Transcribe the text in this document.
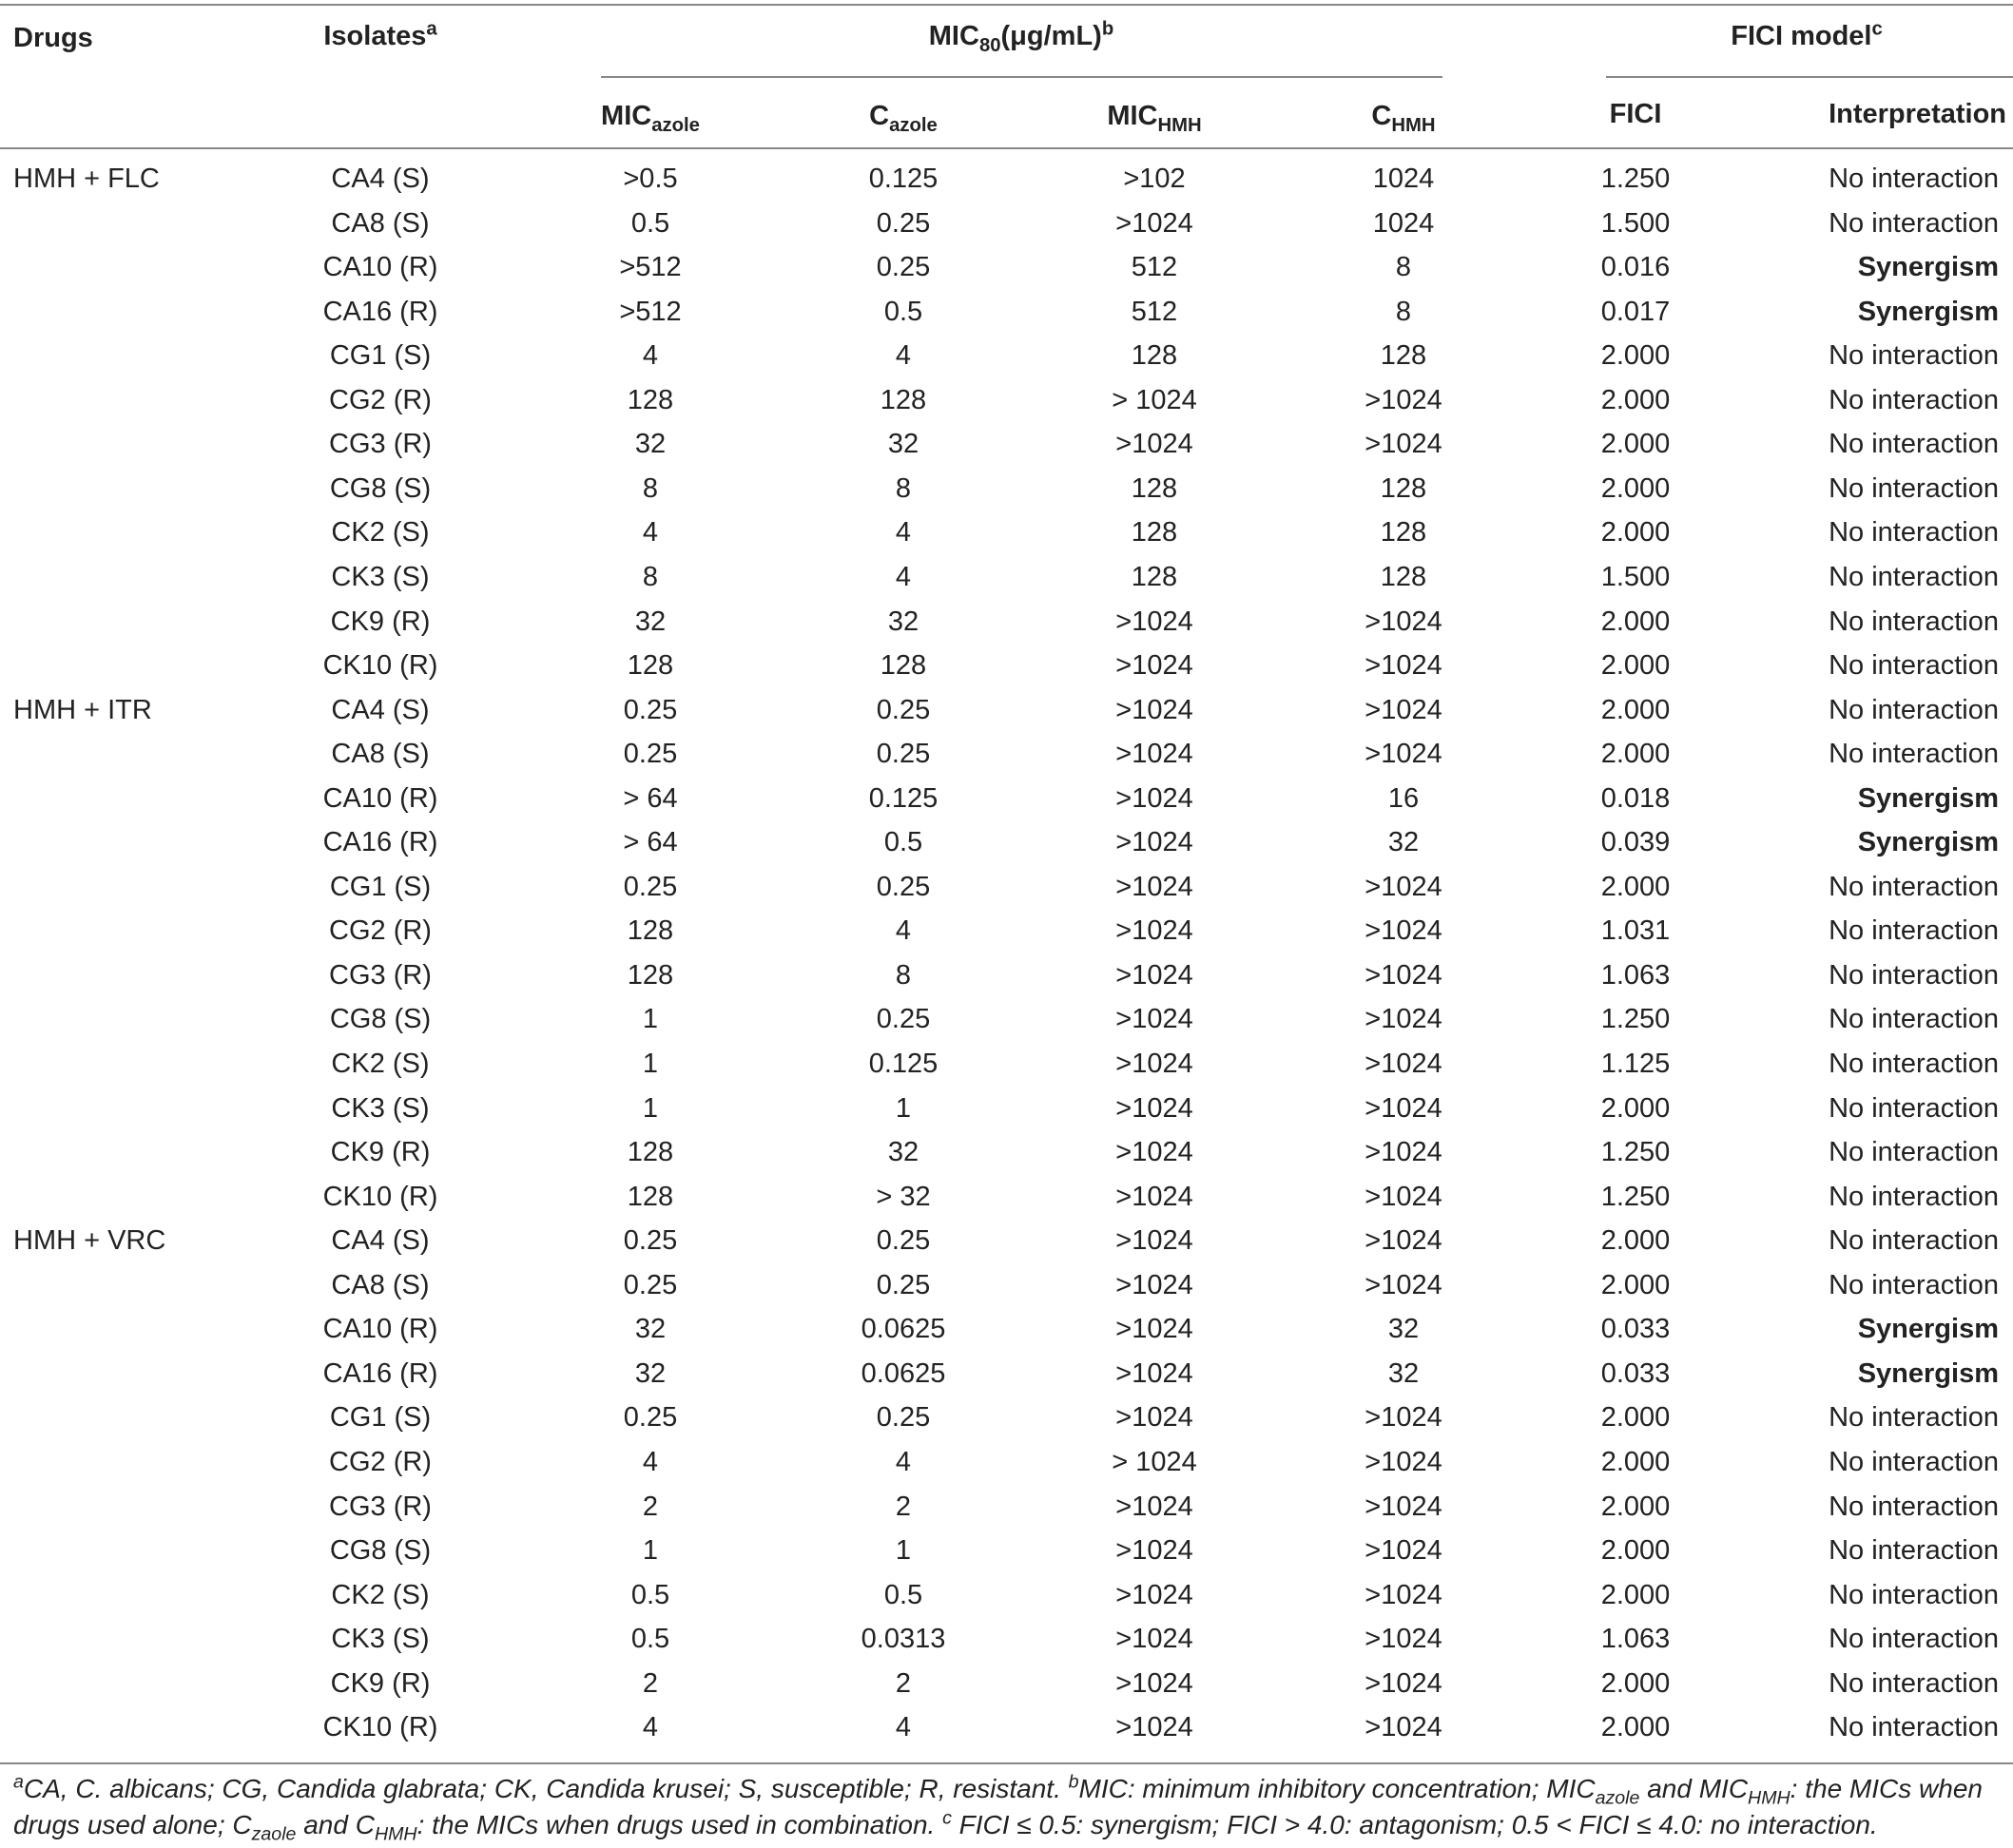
Drugs	Isolates$^a$	$MIC_{80}(\mu g/mL)^b$	FICI model$^c$
$MIC_{azole}$	$C_{azole}$	$MIC_{HMH}$	$C_{HMH}$	FICI	Interpretation
HMH + FLC	CA4 (S)	>0.5	0.125	>102	1024	1.250	No interaction
CA8 (S)	0.5	0.25	>1024	1024	1.500	No interaction
CA10 (R)	>512	0.25	512	8	0.016	Synergism
CA16 (R)	>512	0.5	512	8	0.017	Synergism
CG1 (S)	4	4	128	128	2.000	No interaction
CG2 (R)	128	128	> 1024	>1024	2.000	No interaction
CG3 (R)	32	32	>1024	>1024	2.000	No interaction
CG8 (S)	8	8	128	128	2.000	No interaction
CK2 (S)	4	4	128	128	2.000	No interaction
CK3 (S)	8	4	128	128	1.500	No interaction
CK9 (R)	32	32	>1024	>1024	2.000	No interaction
CK10 (R)	128	128	>1024	>1024	2.000	No interaction
HMH + ITR	CA4 (S)	0.25	0.25	>1024	>1024	2.000	No interaction
CA8 (S)	0.25	0.25	>1024	>1024	2.000	No interaction
CA10 (R)	> 64	0.125	>1024	16	0.018	Synergism
CA16 (R)	> 64	0.5	>1024	32	0.039	Synergism
CG1 (S)	0.25	0.25	>1024	>1024	2.000	No interaction
CG2 (R)	128	4	>1024	>1024	1.031	No interaction
CG3 (R)	128	8	>1024	>1024	1.063	No interaction
CG8 (S)	1	0.25	>1024	>1024	1.250	No interaction
CK2 (S)	1	0.125	>1024	>1024	1.125	No interaction
CK3 (S)	1	1	>1024	>1024	2.000	No interaction
CK9 (R)	128	32	>1024	>1024	1.250	No interaction
CK10 (R)	128	> 32	>1024	>1024	1.250	No interaction
HMH + VRC	CA4 (S)	0.25	0.25	>1024	>1024	2.000	No interaction
CA8 (S)	0.25	0.25	>1024	>1024	2.000	No interaction
CA10 (R)	32	0.0625	>1024	32	0.033	Synergism
CA16 (R)	32	0.0625	>1024	32	0.033	Synergism
CG1 (S)	0.25	0.25	>1024	>1024	2.000	No interaction
CG2 (R)	4	4	> 1024	>1024	2.000	No interaction
CG3 (R)	2	2	>1024	>1024	2.000	No interaction
CG8 (S)	1	1	>1024	>1024	2.000	No interaction
CK2 (S)	0.5	0.5	>1024	>1024	2.000	No interaction
CK3 (S)	0.5	0.0313	>1024	>1024	1.063	No interaction
CK9 (R)	2	2	>1024	>1024	2.000	No interaction
CK10 (R)	4	4	>1024	>1024	2.000	No interaction
$^a$CA, C. albicans; CG, Candida glabrata; CK, Candida krusei; S, susceptible; R, resistant. $^b$MIC: minimum inhibitory concentration; $MIC_{azole}$ and $MIC_{HMH}$: the MICs when
drugs used alone; $C_{zaole}$ and $C_{HMH}$: the MICs when drugs used in combination. $^c$ FICI ≤ 0.5: synergism; FICI > 4.0: antagonism; 0.5 < FICI ≤ 4.0: no interaction.
